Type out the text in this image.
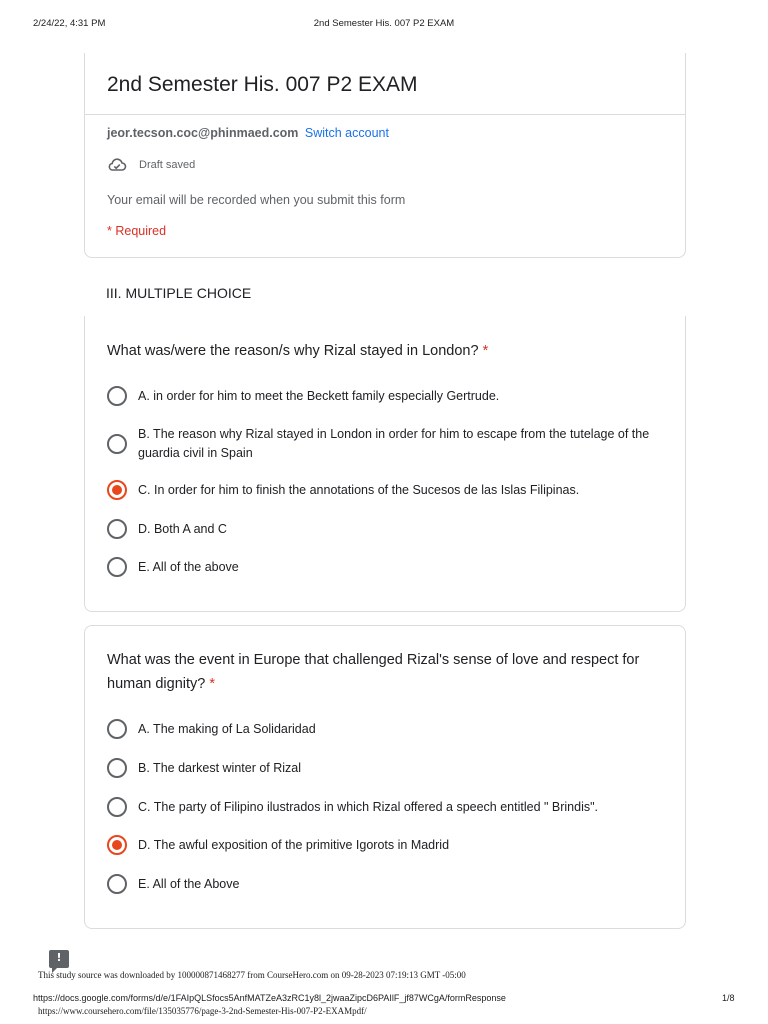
2/24/22, 4:31 PM	2nd Semester His. 007 P2 EXAM
2nd Semester His. 007 P2 EXAM
jeor.tecson.coc@phinmaed.com Switch account
Draft saved
Your email will be recorded when you submit this form
* Required
III. MULTIPLE CHOICE
What was/were the reason/s why Rizal stayed in London? *
A. in order for him to meet the Beckett family especially Gertrude.
B. The reason why Rizal stayed in London in order for him to escape from the tutelage of the guardia civil in Spain
C. In order for him to finish the annotations of the Sucesos de las Islas Filipinas.
D. Both A and C
E. All of the above
What was the event in Europe that challenged Rizal's sense of love and respect for human dignity? *
A. The making of La Solidaridad
B. The darkest winter of Rizal
C. The party of Filipino ilustrados in which Rizal offered a speech entitled " Brindis".
D. The awful exposition of the primitive Igorots in Madrid
E. All of the Above
!
This study source was downloaded by 100000871468277 from CourseHero.com on 09-28-2023 07:19:13 GMT -05:00
https://docs.google.com/forms/d/e/1FAIpQLSfocs5AnfMATZeA3zRC1y8l_2jwaaZipcD6PAIlF_jf87WCgA/formResponse	1/8
https://www.coursehero.com/file/135035776/page-3-2nd-Semester-His-007-P2-EXAMpdf/
